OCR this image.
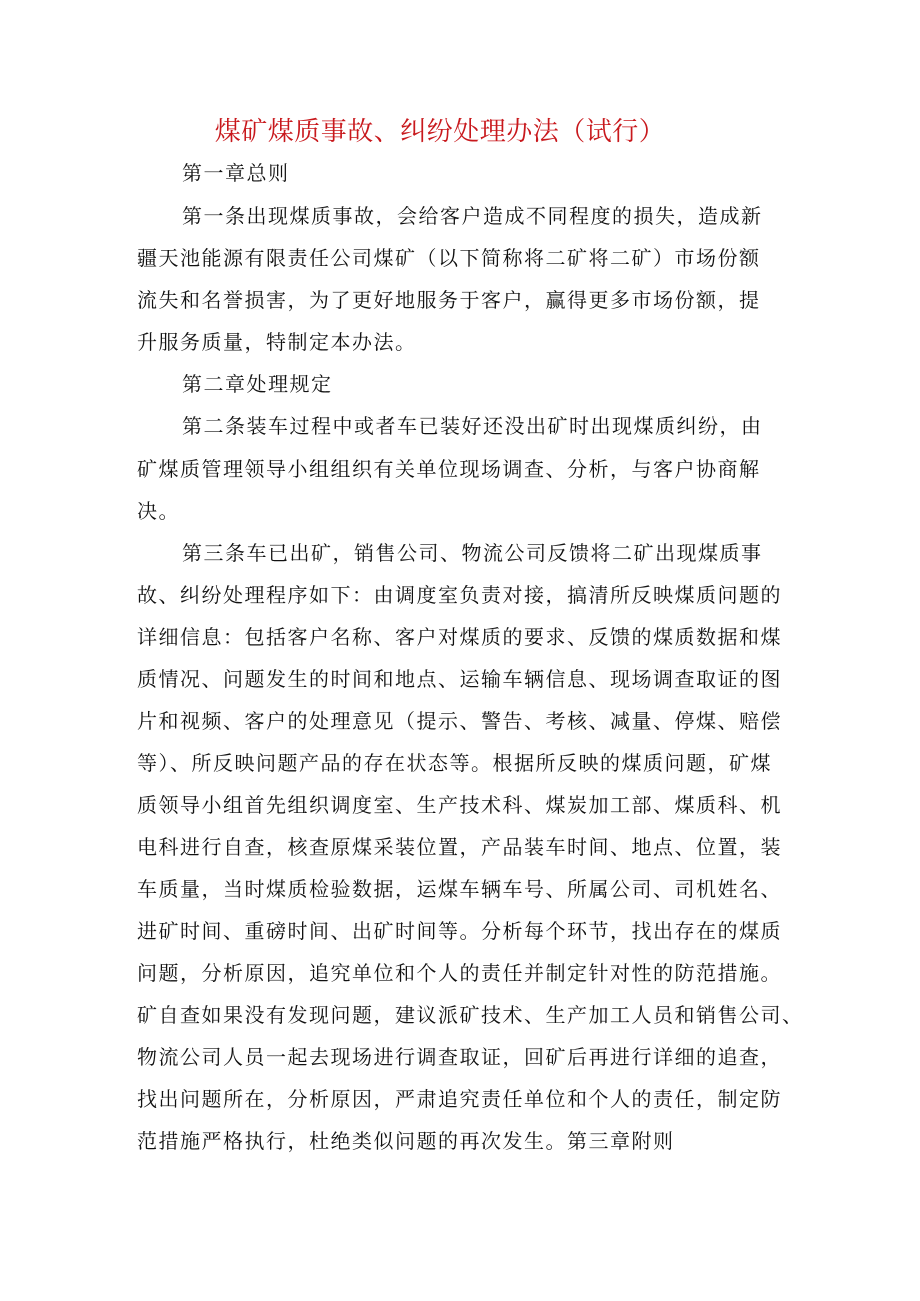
煤矿煤质事故、纠纷处理办法（试行）
第一章总则
第一条出现煤质事故，会给客户造成不同程度的损失，造成新
疆天池能源有限责任公司煤矿（以下简称将二矿将二矿）市场份额
流失和名誉损害，为了更好地服务于客户，赢得更多市场份额，提
升服务质量，特制定本办法。
第二章处理规定
第二条装车过程中或者车已装好还没出矿时出现煤质纠纷，由
矿煤质管理领导小组组织有关单位现场调查、分析，与客户协商解
决。
第三条车已出矿，销售公司、物流公司反馈将二矿出现煤质事
故、纠纷处理程序如下：由调度室负责对接，搞清所反映煤质问题的
详细信息：包括客户名称、客户对煤质的要求、反馈的煤质数据和煤
质情况、问题发生的时间和地点、运输车辆信息、现场调查取证的图
片和视频、客户的处理意见（提示、警告、考核、减量、停煤、赔偿
等）、所反映问题产品的存在状态等。根据所反映的煤质问题，矿煤
质领导小组首先组织调度室、生产技术科、煤炭加工部、煤质科、机
电科进行自查，核查原煤采装位置，产品装车时间、地点、位置，装
车质量，当时煤质检验数据，运煤车辆车号、所属公司、司机姓名、
进矿时间、重磅时间、出矿时间等。分析每个环节，找出存在的煤质
问题，分析原因，追究单位和个人的责任并制定针对性的防范措施。
矿自查如果没有发现问题，建议派矿技术、生产加工人员和销售公司、
物流公司人员一起去现场进行调查取证，回矿后再进行详细的追查，
找出问题所在，分析原因，严肃追究责任单位和个人的责任，制定防
范措施严格执行，杜绝类似问题的再次发生。第三章附则
